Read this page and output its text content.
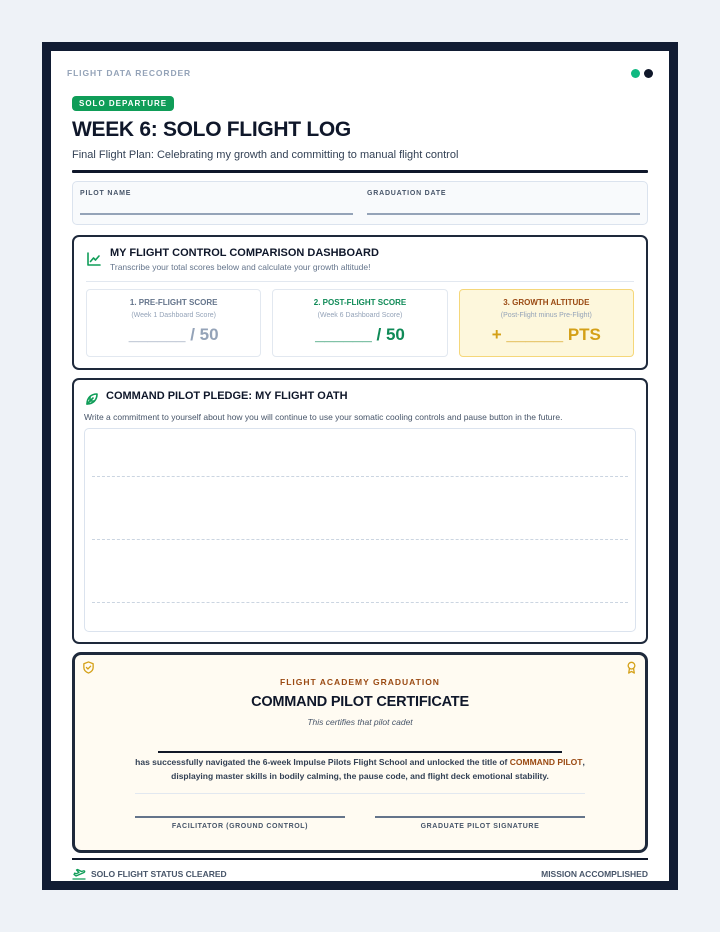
FLIGHT DATA RECORDER
SOLO DEPARTURE
WEEK 6: SOLO FLIGHT LOG

Final Flight Plan: Celebrating my growth and committing to manual flight control

PILOT NAME	GRADUATION DATE
MY FLIGHT CONTROL COMPARISON DASHBOARD
Transcribe your total scores below and calculate your growth altitude!
1. PRE-FLIGHT SCORE
(Week 1 Dashboard Score)
______ / 50
2. POST-FLIGHT SCORE
(Week 6 Dashboard Score)
______ / 50
3. GROWTH ALTITUDE
(Post-Flight minus Pre-Flight)
+ ______ PTS
COMMAND PILOT PLEDGE: MY FLIGHT OATH

Write a commitment to yourself about how you will continue to use your somatic cooling controls and pause button in the future.

FLIGHT ACADEMY GRADUATION
COMMAND PILOT CERTIFICATE
This certifies that pilot cadet
has successfully navigated the 6-week Impulse Pilots Flight School and unlocked the title of COMMAND PILOT,
displaying master skills in bodily calming, the pause code, and flight deck emotional stability.
FACILITATOR (GROUND CONTROL)	GRADUATE PILOT SIGNATURE
SOLO FLIGHT STATUS CLEARED	MISSION ACCOMPLISHED
